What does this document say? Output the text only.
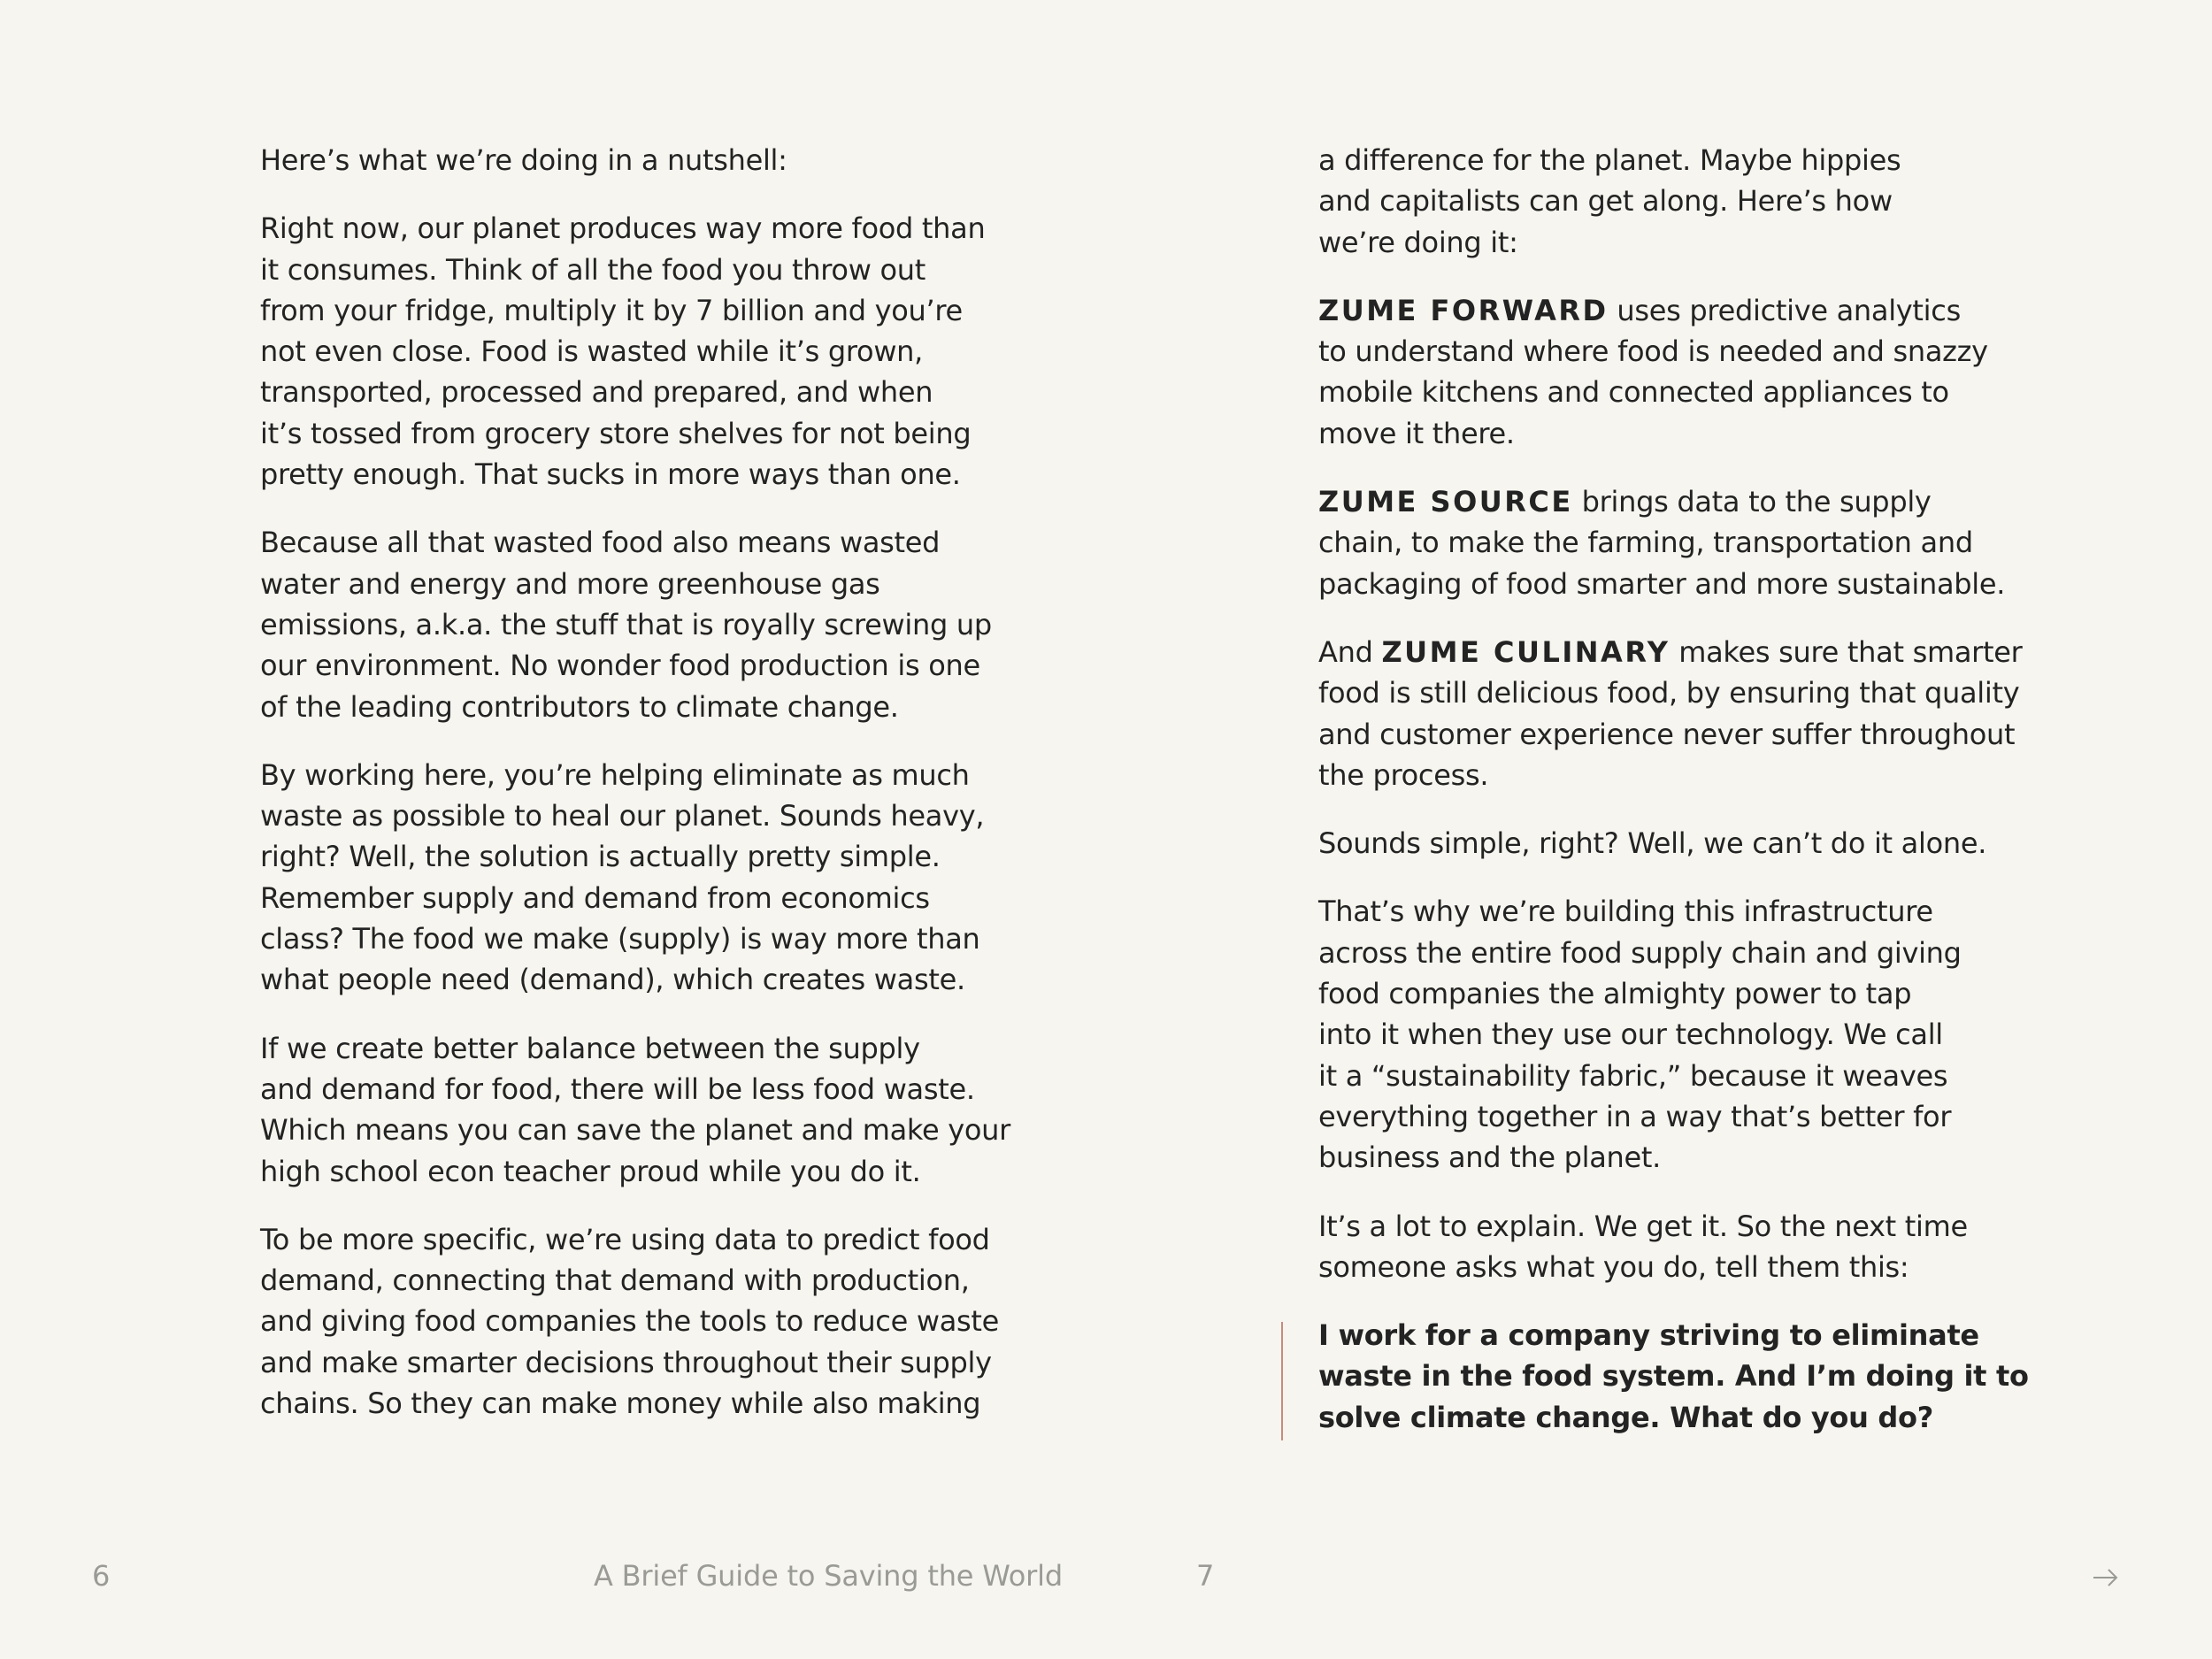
Here’s what we’re doing in a nutshell:

Right now, our planet produces way more food than
it consumes. Think of all the food you throw out
from your fridge, multiply it by 7 billion and you’re
not even close. Food is wasted while it’s grown,
transported, processed and prepared, and when
it’s tossed from grocery store shelves for not being
pretty enough. That sucks in more ways than one.

Because all that wasted food also means wasted
water and energy and more greenhouse gas
emissions, a.k.a. the stuff that is royally screwing up
our environment. No wonder food production is one
of the leading contributors to climate change.

By working here, you’re helping eliminate as much
waste as possible to heal our planet. Sounds heavy,
right? Well, the solution is actually pretty simple.
Remember supply and demand from economics
class? The food we make (supply) is way more than
what people need (demand), which creates waste.

If we create better balance between the supply
and demand for food, there will be less food waste.
Which means you can save the planet and make your
high school econ teacher proud while you do it.

To be more specific, we’re using data to predict food
demand, connecting that demand with production,
and giving food companies the tools to reduce waste
and make smarter decisions throughout their supply
chains. So they can make money while also making

a difference for the planet. Maybe hippies
and capitalists can get along. Here’s how
we’re doing it:

ZUME FORWARD uses predictive analytics
to understand where food is needed and snazzy
mobile kitchens and connected appliances to
move it there.

ZUME SOURCE brings data to the supply
chain, to make the farming, transportation and
packaging of food smarter and more sustainable.

And ZUME CULINARY makes sure that smarter
food is still delicious food, by ensuring that quality
and customer experience never suffer throughout
the process.

Sounds simple, right? Well, we can’t do it alone.

That’s why we’re building this infrastructure
across the entire food supply chain and giving
food companies the almighty power to tap
into it when they use our technology. We call
it a “sustainability fabric,” because it weaves
everything together in a way that’s better for
business and the planet.

It’s a lot to explain. We get it. So the next time
someone asks what you do, tell them this:

I work for a company striving to eliminate
waste in the food system. And I’m doing it to
solve climate change. What do you do?
6	A Brief Guide to Saving the World	7
